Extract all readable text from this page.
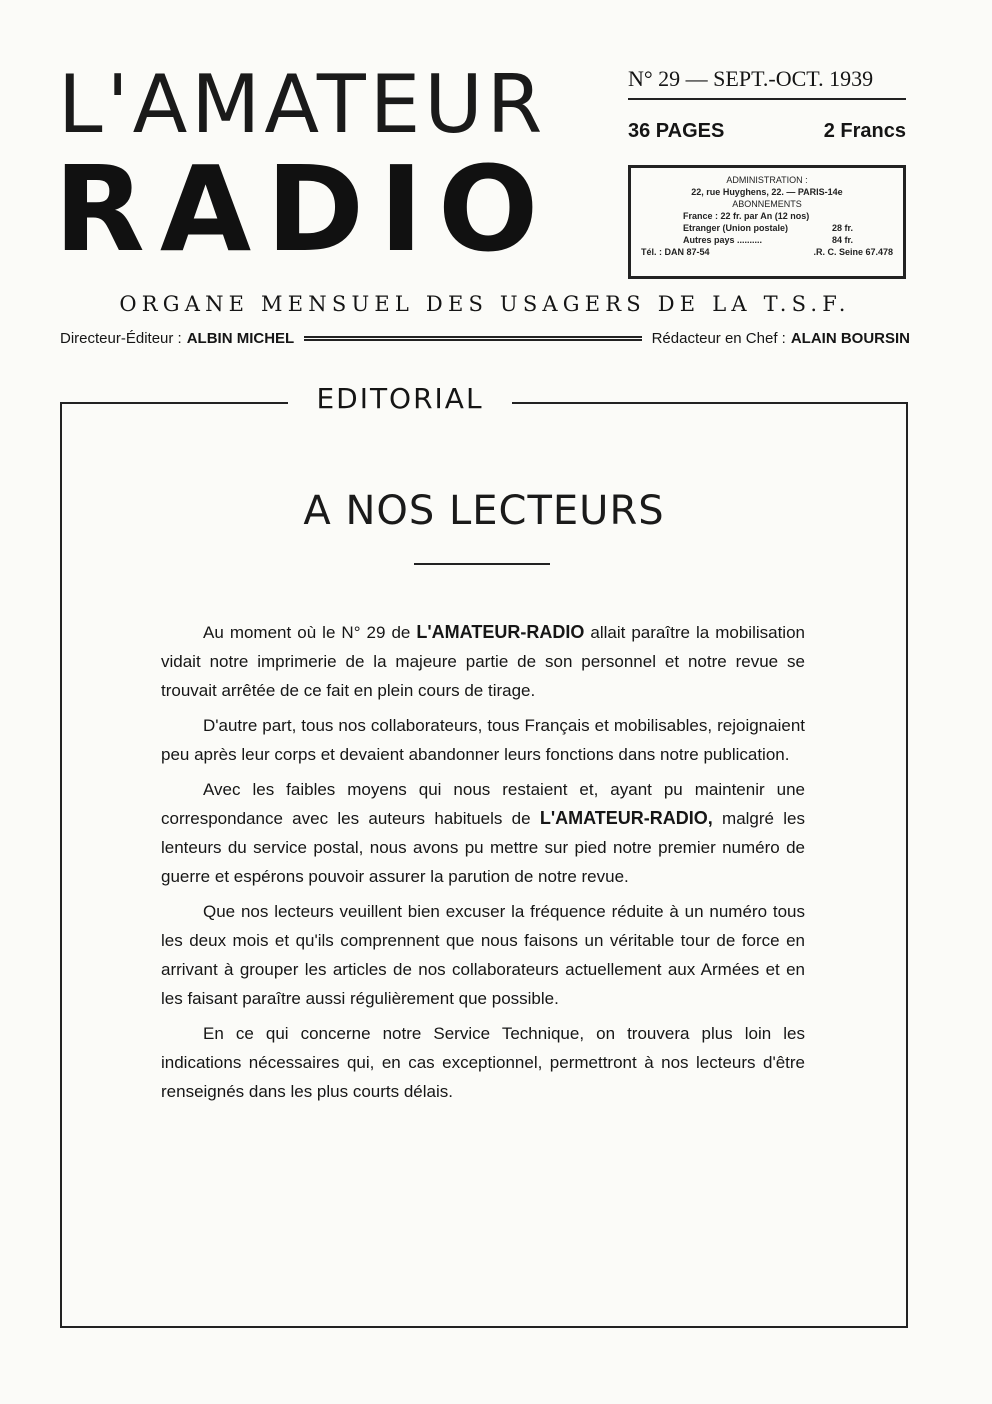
L'AMATEUR
RADIO
N° 29 — SEPT.-OCT. 1939
36 PAGES	2 Francs
ADMINISTRATION :
22, rue Huyghens, 22. — PARIS-14e
ABONNEMENTS
France : 22 fr. par An (12 nos)
Etranger (Union postale)	28 fr.
Autres pays ..........	84 fr.
Tél. : DAN 87-54	.R. C. Seine 67.478
ORGANE MENSUEL DES USAGERS DE LA T.S.F.
Directeur-Éditeur : ALBIN MICHEL	Rédacteur en Chef : ALAIN BOURSIN
EDITORIAL
A NOS LECTEURS

Au moment où le N° 29 de L'AMATEUR-RADIO allait paraître la mobilisation vidait notre imprimerie de la majeure partie de son personnel et notre revue se trouvait arrêtée de ce fait en plein cours de tirage.

D'autre part, tous nos collaborateurs, tous Français et mobilisables, rejoignaient peu après leur corps et devaient abandonner leurs fonctions dans notre publication.

Avec les faibles moyens qui nous restaient et, ayant pu maintenir une correspondance avec les auteurs habituels de L'AMATEUR-RADIO, malgré les lenteurs du service postal, nous avons pu mettre sur pied notre premier numéro de guerre et espérons pouvoir assurer la parution de notre revue.

Que nos lecteurs veuillent bien excuser la fréquence réduite à un numéro tous les deux mois et qu'ils comprennent que nous faisons un véritable tour de force en arrivant à grouper les articles de nos collaborateurs actuellement aux Armées et en les faisant paraître aussi régulièrement que possible.

En ce qui concerne notre Service Technique, on trouvera plus loin les indications nécessaires qui, en cas exceptionnel, permettront à nos lecteurs d'être renseignés dans les plus courts délais.
